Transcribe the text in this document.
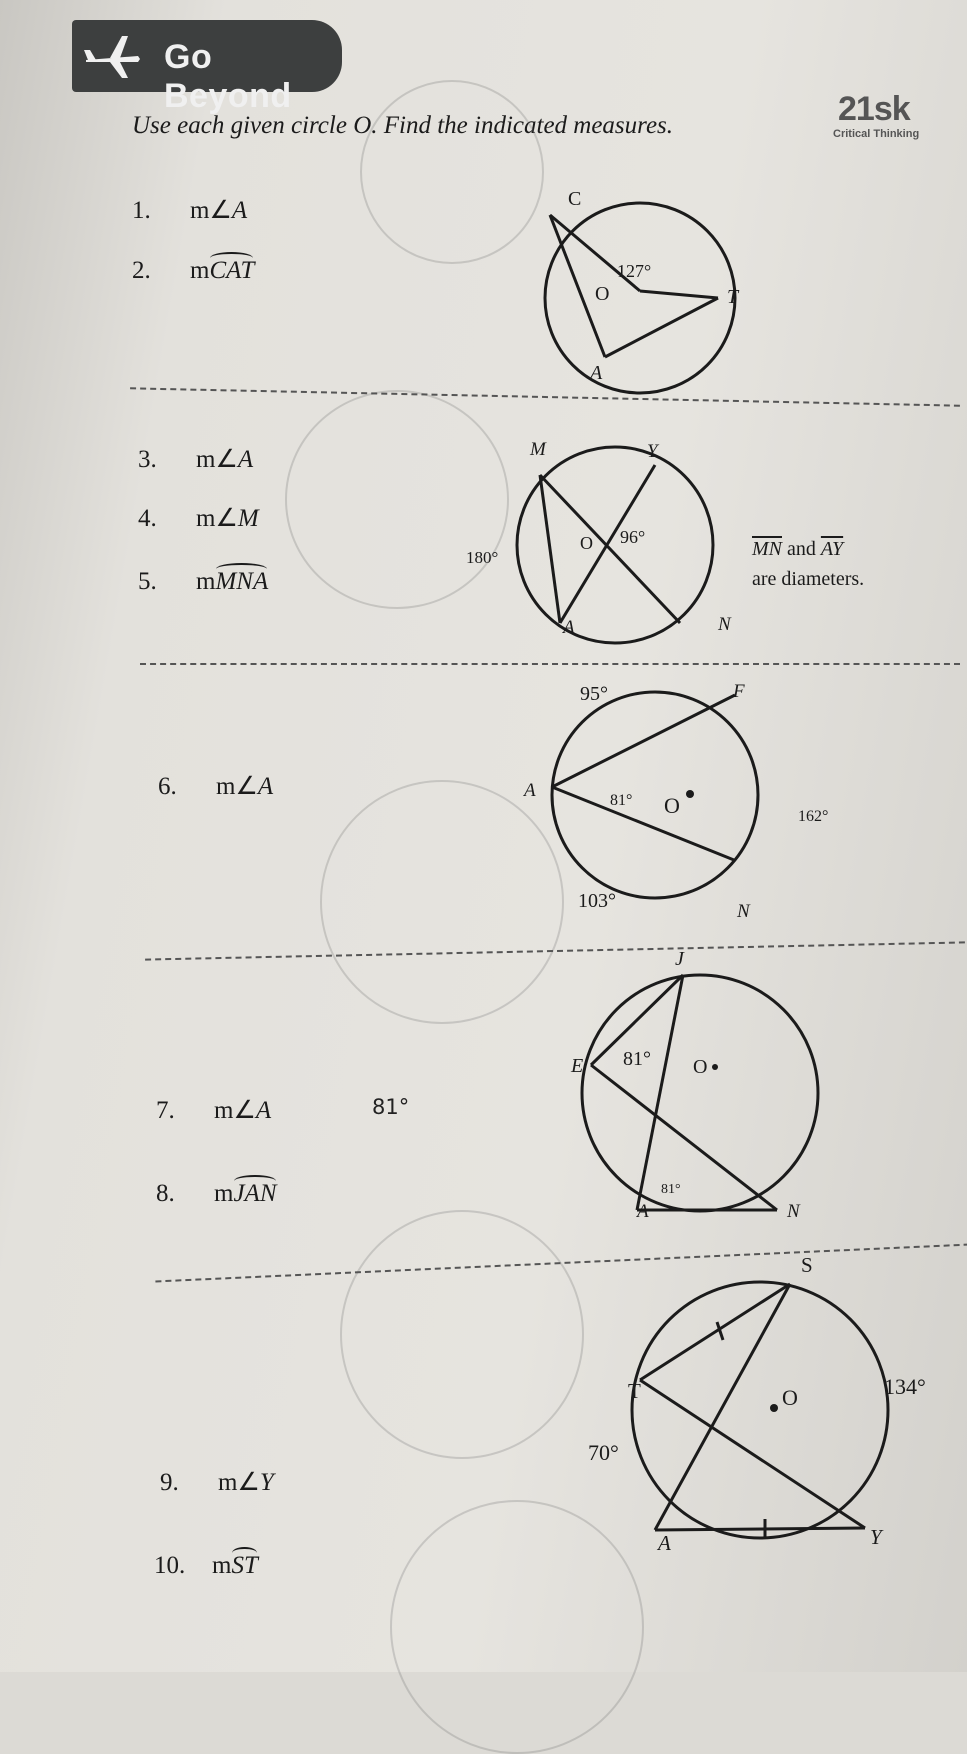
Go Beyond	21sk
Critical Thinking
Use each given circle O. Find the indicated measures.
1. m∠A
2. mCAT
3. m∠A
4. m∠M
5. mMNA
$\overline{MN}$ and $\overline{AY}$
are diameters.
6. m∠A
7. m∠A	81°
8. mJAN
9. m∠Y
10. mST
C
O	T
A
127°
M	Y
O 96°
A	N
180°
95°	F
A
O
103°	N
81°
162°
J
E 81° O
A	N
81°
O
S
T	134°
70°
A	Y
